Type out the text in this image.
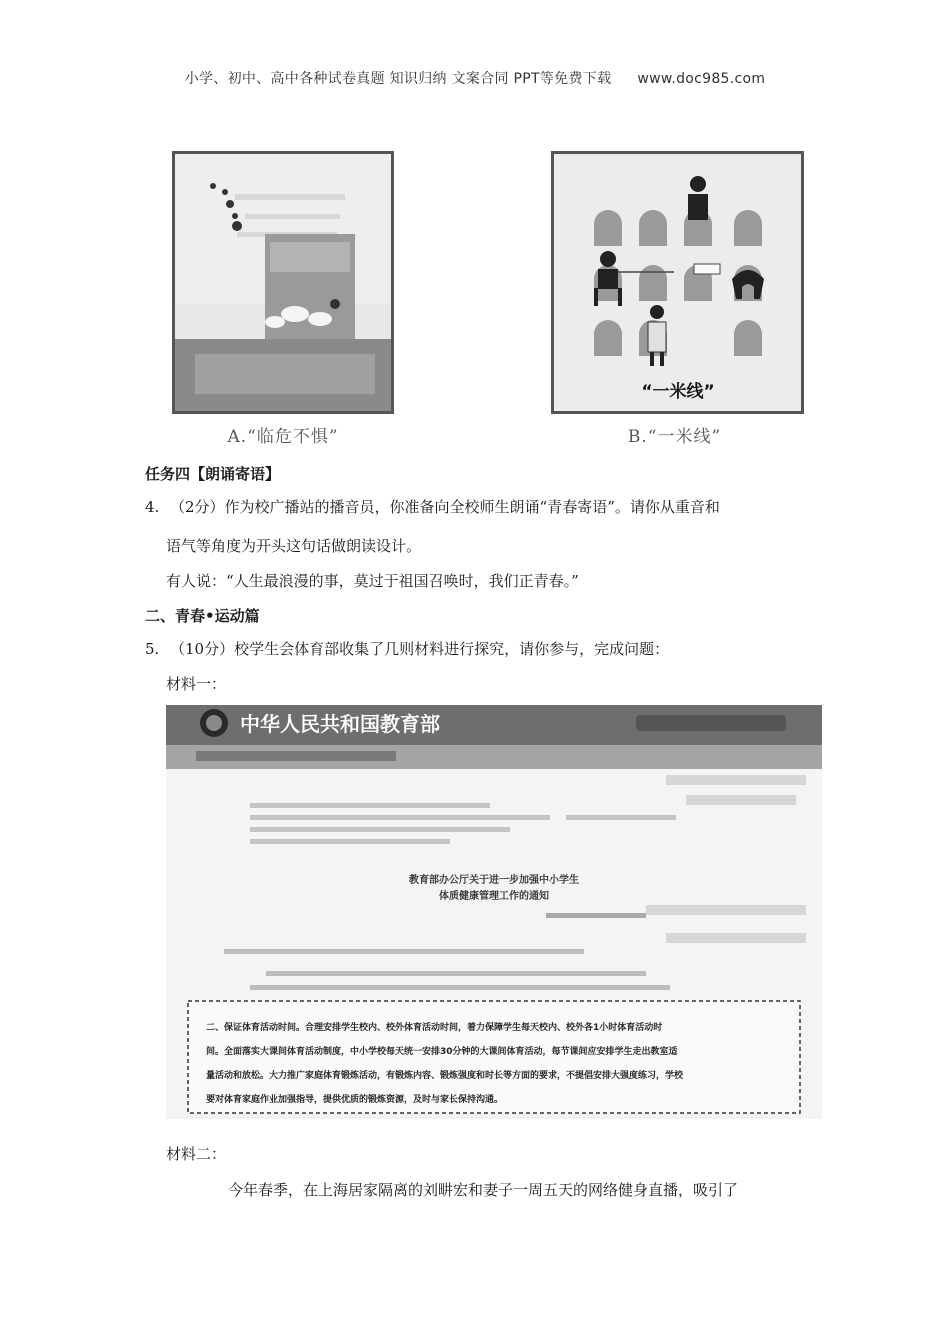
小学、初中、高中各种试卷真题 知识归纳 文案合同 PPT等免费下载 www.doc985.com
A.“临危不惧”
“一米线”
B.“一米线”
任务四【朗诵寄语】
4. （2分）作为校广播站的播音员，你准备向全校师生朗诵“青春寄语”。请你从重音和
语气等角度为开头这句话做朗读设计。
有人说：“人生最浪漫的事，莫过于祖国召唤时，我们正青春。”
二、青春•运动篇
5. （10分）校学生会体育部收集了几则材料进行探究，请你参与，完成问题：
材料一：
中华人民共和国教育部
教育部办公厅关于进一步加强中小学生
体质健康管理工作的通知
二、保证体育活动时间。合理安排学生校内、校外体育活动时间，着力保障学生每天校内、校外各1小时体育活动时
间。全面落实大课间体育活动制度，中小学校每天统一安排30分钟的大课间体育活动，每节课间应安排学生走出教室适
量活动和放松。大力推广家庭体育锻炼活动，有锻炼内容、锻炼强度和时长等方面的要求，不提倡安排大强度练习，学校
要对体育家庭作业加强指导，提供优质的锻炼资源，及时与家长保持沟通。
材料二：
今年春季，在上海居家隔离的刘畊宏和妻子一周五天的网络健身直播，吸引了
